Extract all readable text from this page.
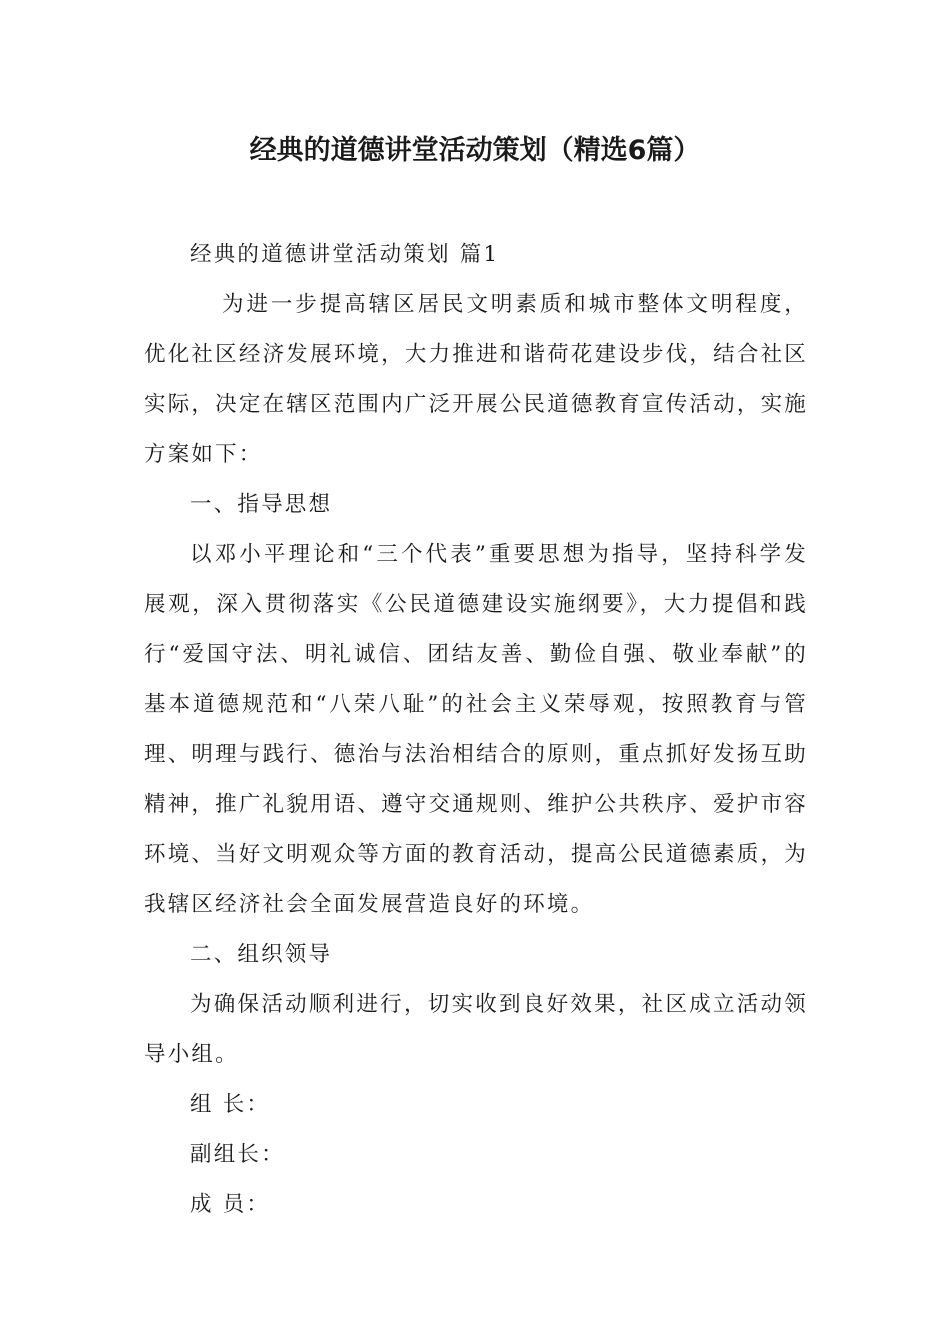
经典的道德讲堂活动策划（精选6篇）

经典的道德讲堂活动策划 篇1

为进一步提高辖区居民文明素质和城市整体文明程度，优化社区经济发展环境，大力推进和谐荷花建设步伐，结合社区实际，决定在辖区范围内广泛开展公民道德教育宣传活动，实施方案如下：

一、指导思想

以邓小平理论和“三个代表”重要思想为指导，坚持科学发展观，深入贯彻落实《公民道德建设实施纲要》，大力提倡和践行“爱国守法、明礼诚信、团结友善、勤俭自强、敬业奉献”的基本道德规范和“八荣八耻”的社会主义荣辱观，按照教育与管理、明理与践行、德治与法治相结合的原则，重点抓好发扬互助精神，推广礼貌用语、遵守交通规则、维护公共秩序、爱护市容环境、当好文明观众等方面的教育活动，提高公民道德素质，为我辖区经济社会全面发展营造良好的环境。

二、组织领导

为确保活动顺利进行，切实收到良好效果，社区成立活动领导小组。

组 长：

副组长：

成 员：
